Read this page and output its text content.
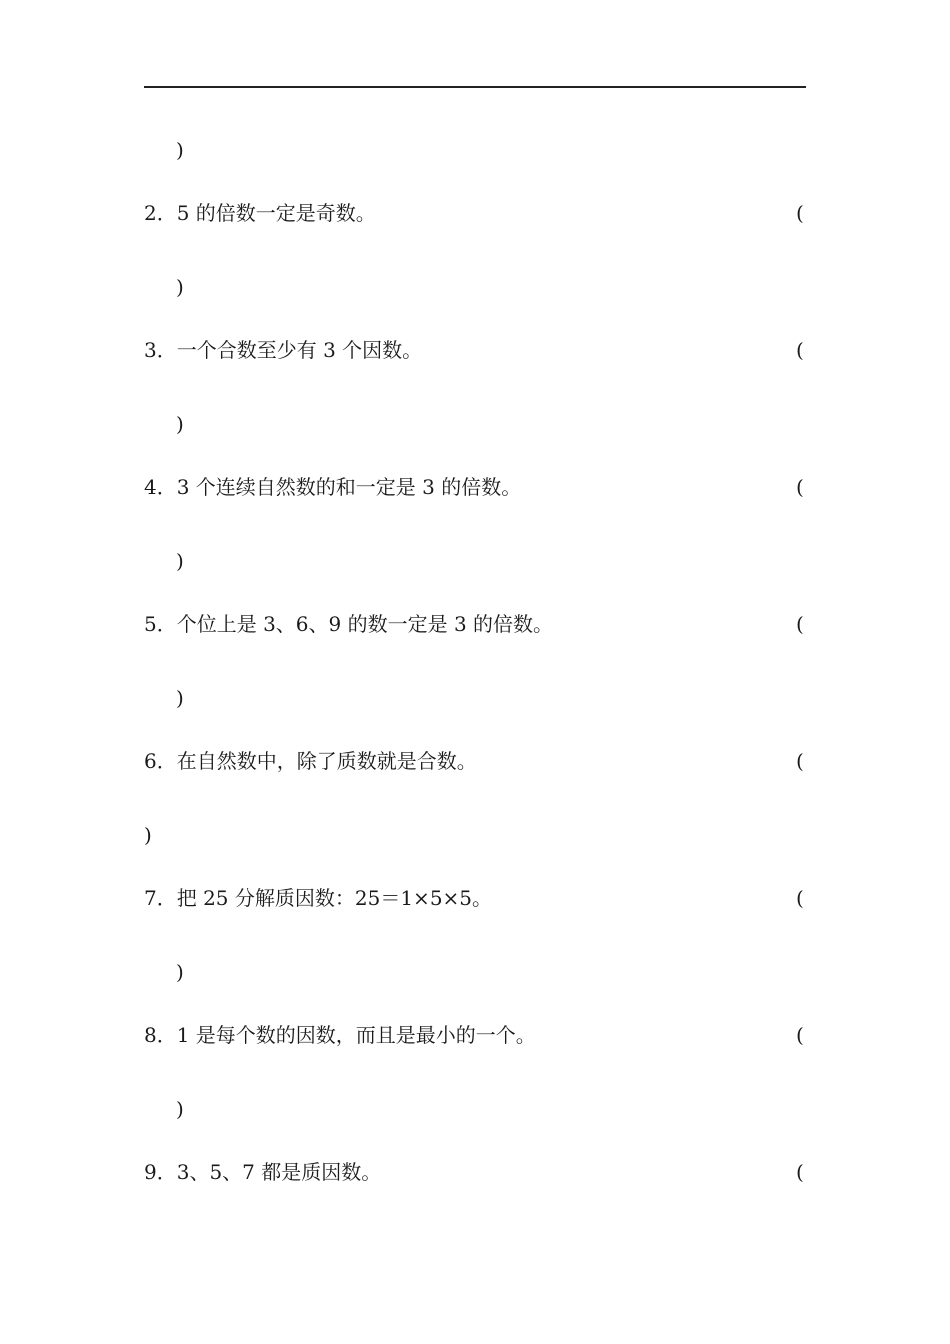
)
2．5 的倍数一定是奇数。	(
)
3．一个合数至少有 3 个因数。	(
)
4．3 个连续自然数的和一定是 3 的倍数。	(
)
5．个位上是 3、6、9 的数一定是 3 的倍数。	(
)
6．在自然数中，除了质数就是合数。	(
)
7．把 25 分解质因数：25＝1×5×5。	(
)
8．1 是每个数的因数，而且是最小的一个。	(
)
9．3、5、7 都是质因数。	(
